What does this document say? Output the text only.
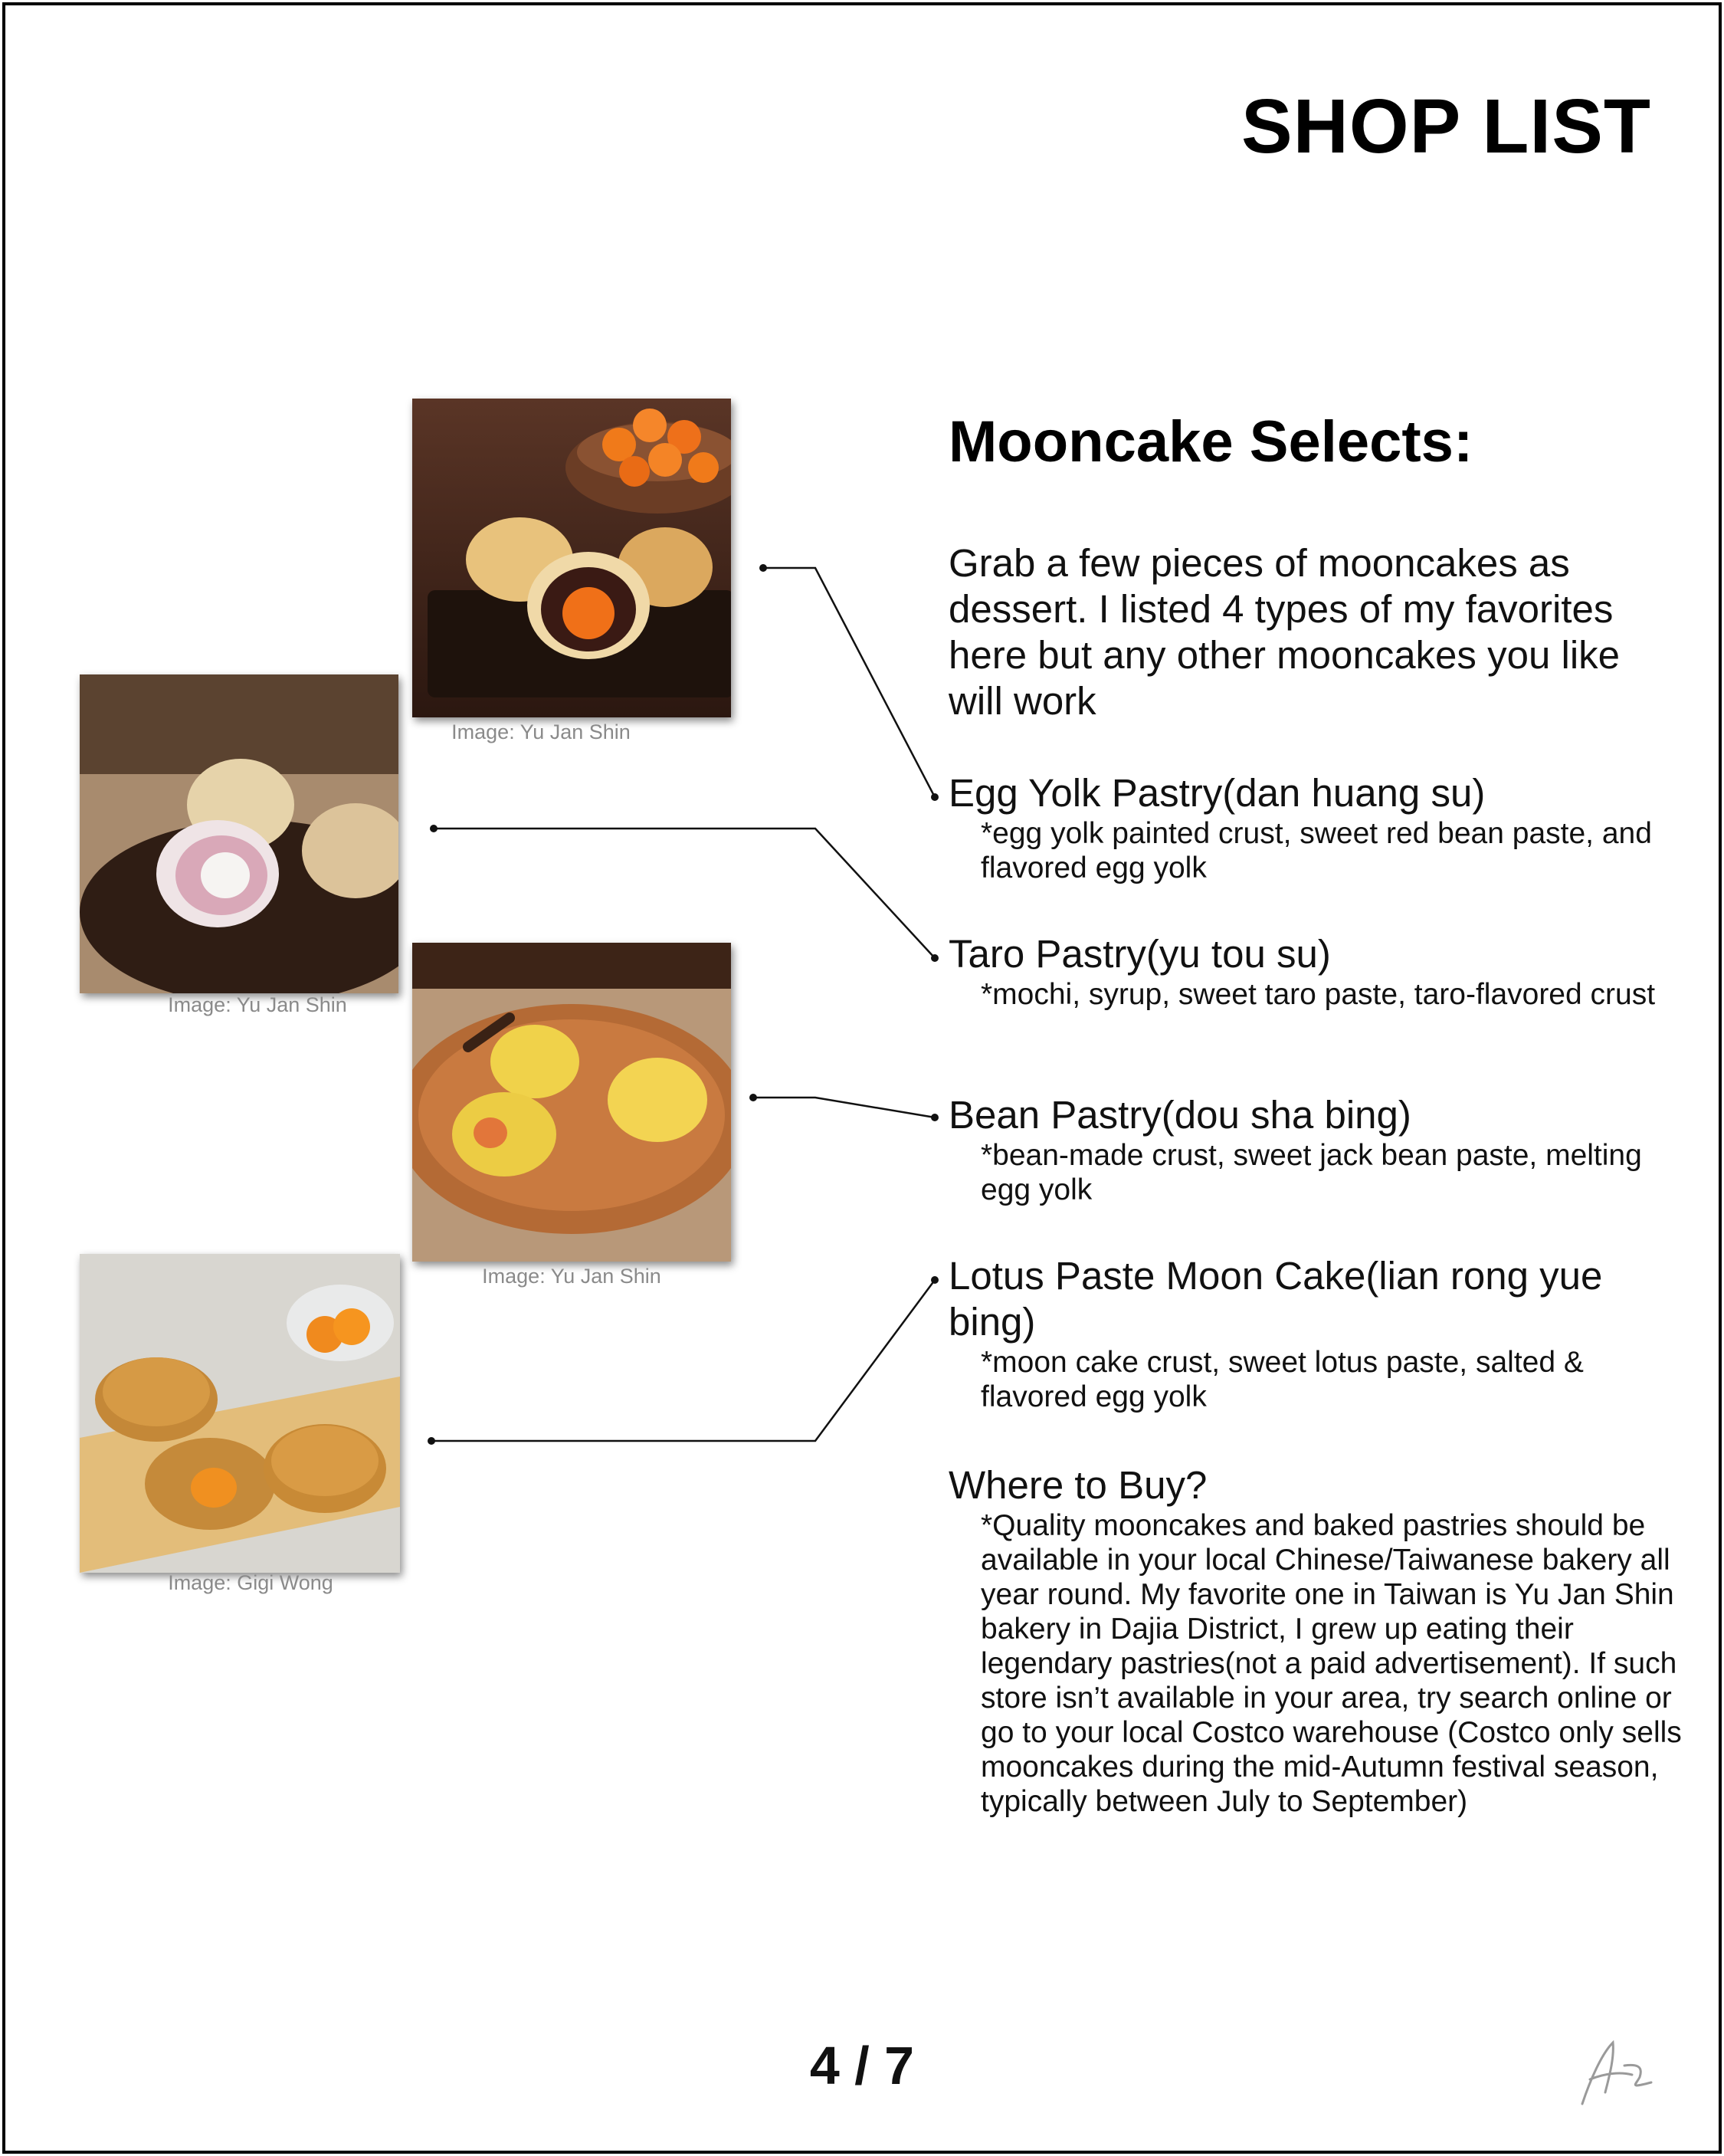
SHOP LIST
Mooncake Selects:

Grab a few pieces of mooncakes as dessert. I listed 4 types of my favorites here but any other mooncakes you like will work

Egg Yolk Pastry(dan huang su)
*egg yolk painted crust, sweet red bean paste, and flavored egg yolk
Taro Pastry(yu tou su)
*mochi, syrup, sweet taro paste, taro-flavored crust
Bean Pastry(dou sha bing)
*bean-made crust, sweet jack bean paste, melting egg yolk
Lotus Paste Moon Cake(lian rong yue bing)
*moon cake crust, sweet lotus paste, salted & flavored egg yolk
Where to Buy?
*Quality mooncakes and baked pastries should be available in your local Chinese/Taiwanese bakery all year round. My favorite one in Taiwan is Yu Jan Shin bakery in Dajia District, I grew up eating their legendary pastries(not a paid advertisement). If such store isn’t available in your area, try search online or go to your local Costco warehouse (Costco only sells mooncakes during the mid-Autumn festival season, typically between July to September)
Image: Yu Jan Shin
Image: Yu Jan Shin
Image: Yu Jan Shin
Image: Gigi Wong
4 / 7
